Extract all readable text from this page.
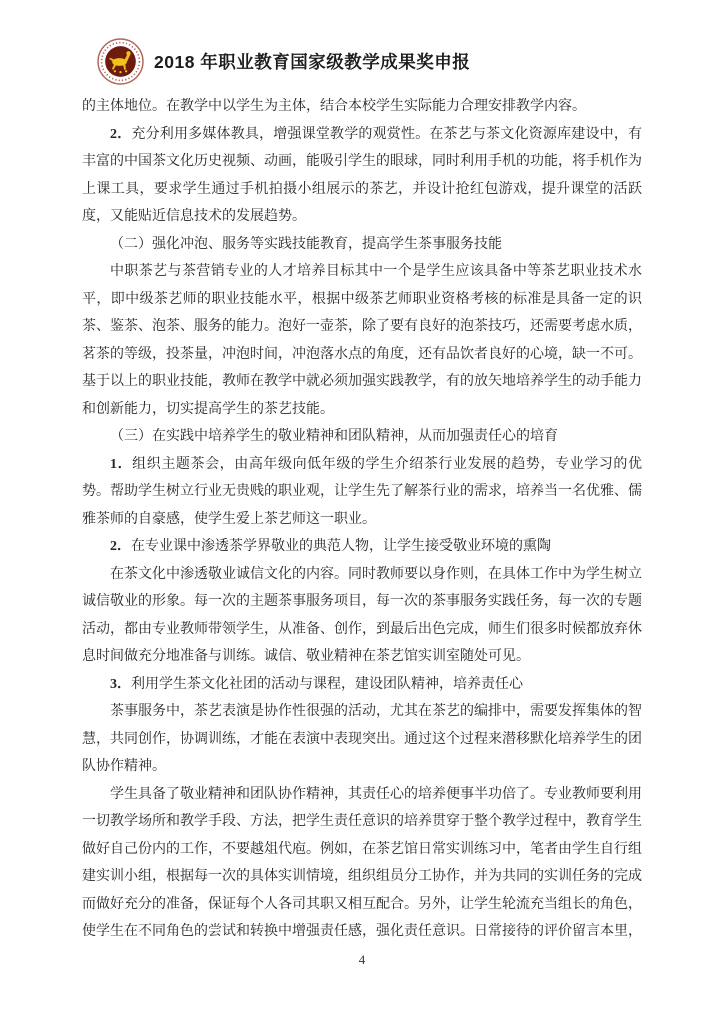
2018 年职业教育国家级教学成果奖申报

的主体地位。在教学中以学生为主体，结合本校学生实际能力合理安排教学内容。

2．充分利用多媒体教具，增强课堂教学的观赏性。在茶艺与茶文化资源库建设中，有丰富的中国茶文化历史视频、动画，能吸引学生的眼球，同时利用手机的功能，将手机作为上课工具，要求学生通过手机拍摄小组展示的茶艺，并设计抢红包游戏，提升课堂的活跃度，又能贴近信息技术的发展趋势。

（二）强化冲泡、服务等实践技能教育，提高学生茶事服务技能

中职茶艺与茶营销专业的人才培养目标其中一个是学生应该具备中等茶艺职业技术水平，即中级茶艺师的职业技能水平，根据中级茶艺师职业资格考核的标准是具备一定的识茶、鉴茶、泡茶、服务的能力。泡好一壶茶，除了要有良好的泡茶技巧，还需要考虑水质，茗茶的等级，投茶量，冲泡时间，冲泡落水点的角度，还有品饮者良好的心境，缺一不可。基于以上的职业技能，教师在教学中就必须加强实践教学，有的放矢地培养学生的动手能力和创新能力，切实提高学生的茶艺技能。

（三）在实践中培养学生的敬业精神和团队精神，从而加强责任心的培育

1．组织主题茶会，由高年级向低年级的学生介绍茶行业发展的趋势，专业学习的优势。帮助学生树立行业无贵贱的职业观，让学生先了解茶行业的需求，培养当一名优雅、儒雅茶师的自豪感，使学生爱上茶艺师这一职业。

2．在专业课中渗透茶学界敬业的典范人物，让学生接受敬业环境的熏陶

在茶文化中渗透敬业诚信文化的内容。同时教师要以身作则，在具体工作中为学生树立诚信敬业的形象。每一次的主题茶事服务项目，每一次的茶事服务实践任务，每一次的专题活动，都由专业教师带领学生，从准备、创作，到最后出色完成，师生们很多时候都放弃休息时间做充分地准备与训练。诚信、敬业精神在茶艺馆实训室随处可见。

3．利用学生茶文化社团的活动与课程，建设团队精神，培养责任心

茶事服务中，茶艺表演是协作性很强的活动，尤其在茶艺的编排中，需要发挥集体的智慧，共同创作，协调训练，才能在表演中表现突出。通过这个过程来潜移默化培养学生的团队协作精神。

学生具备了敬业精神和团队协作精神，其责任心的培养便事半功倍了。专业教师要利用一切教学场所和教学手段、方法，把学生责任意识的培养贯穿于整个教学过程中，教育学生做好自己份内的工作，不要越俎代庖。例如，在茶艺馆日常实训练习中，笔者由学生自行组建实训小组，根据每一次的具体实训情境，组织组员分工协作，并为共同的实训任务的完成而做好充分的准备，保证每个人各司其职又相互配合。另外，让学生轮流充当组长的角色，使学生在不同角色的尝试和转换中增强责任感，强化责任意识。日常接待的评价留言本里，

4
